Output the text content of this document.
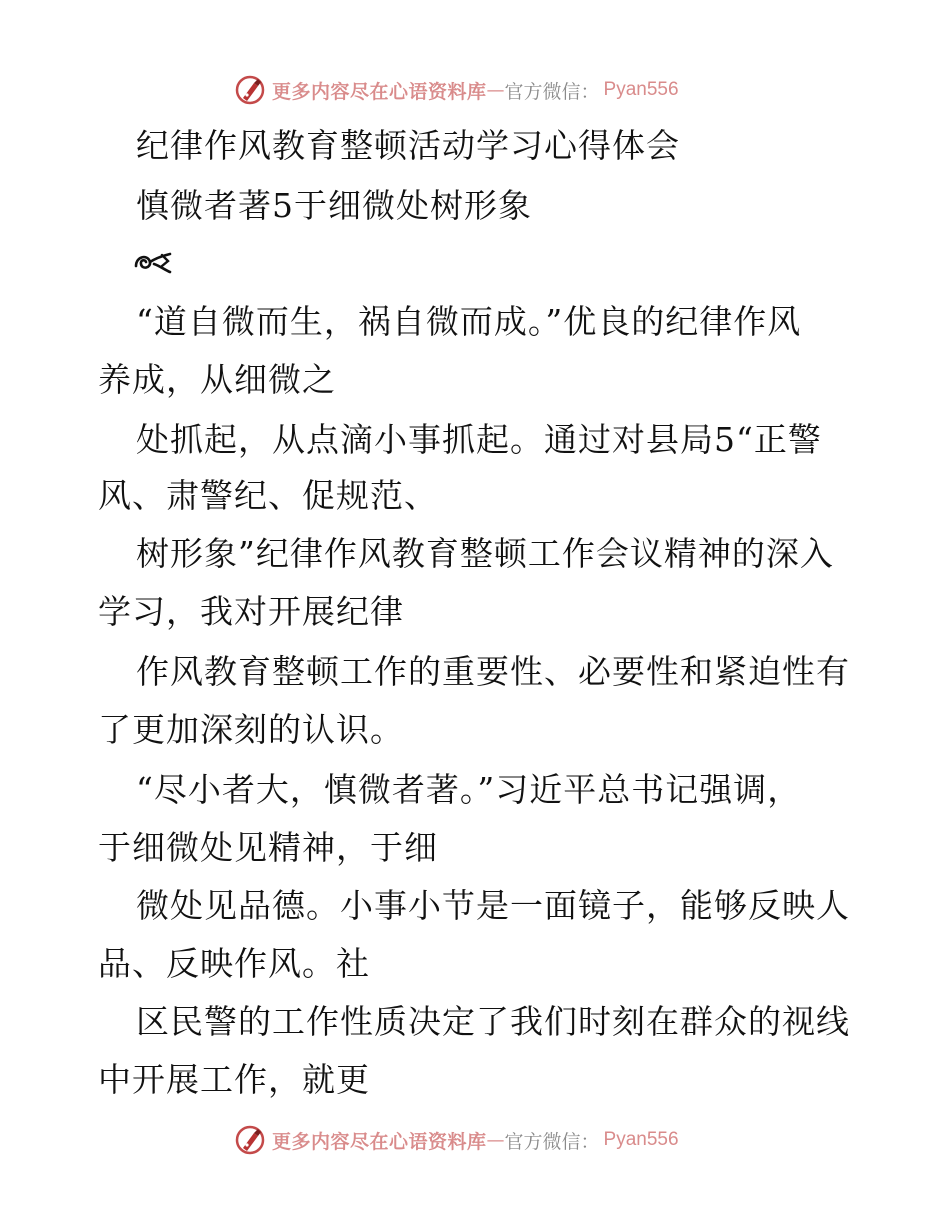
更多内容尽在心语资料库 — 官方微信： Pyan556
纪律作风教育整顿活动学习心得体会
慎微者著5于细微处树形象
“道自微而生，祸自微而成。”优良的纪律作风
养成，从细微之
处抓起，从点滴小事抓起。通过对县局5“正警
风、肃警纪、促规范、
树形象”纪律作风教育整顿工作会议精神的深入
学习，我对开展纪律
作风教育整顿工作的重要性、必要性和紧迫性有
了更加深刻的认识。
“尽小者大，慎微者著。”习近平总书记强调，
于细微处见精神，于细
微处见品德。小事小节是一面镜子，能够反映人
品、反映作风。社
区民警的工作性质决定了我们时刻在群众的视线
中开展工作，就更
更多内容尽在心语资料库 — 官方微信： Pyan556
